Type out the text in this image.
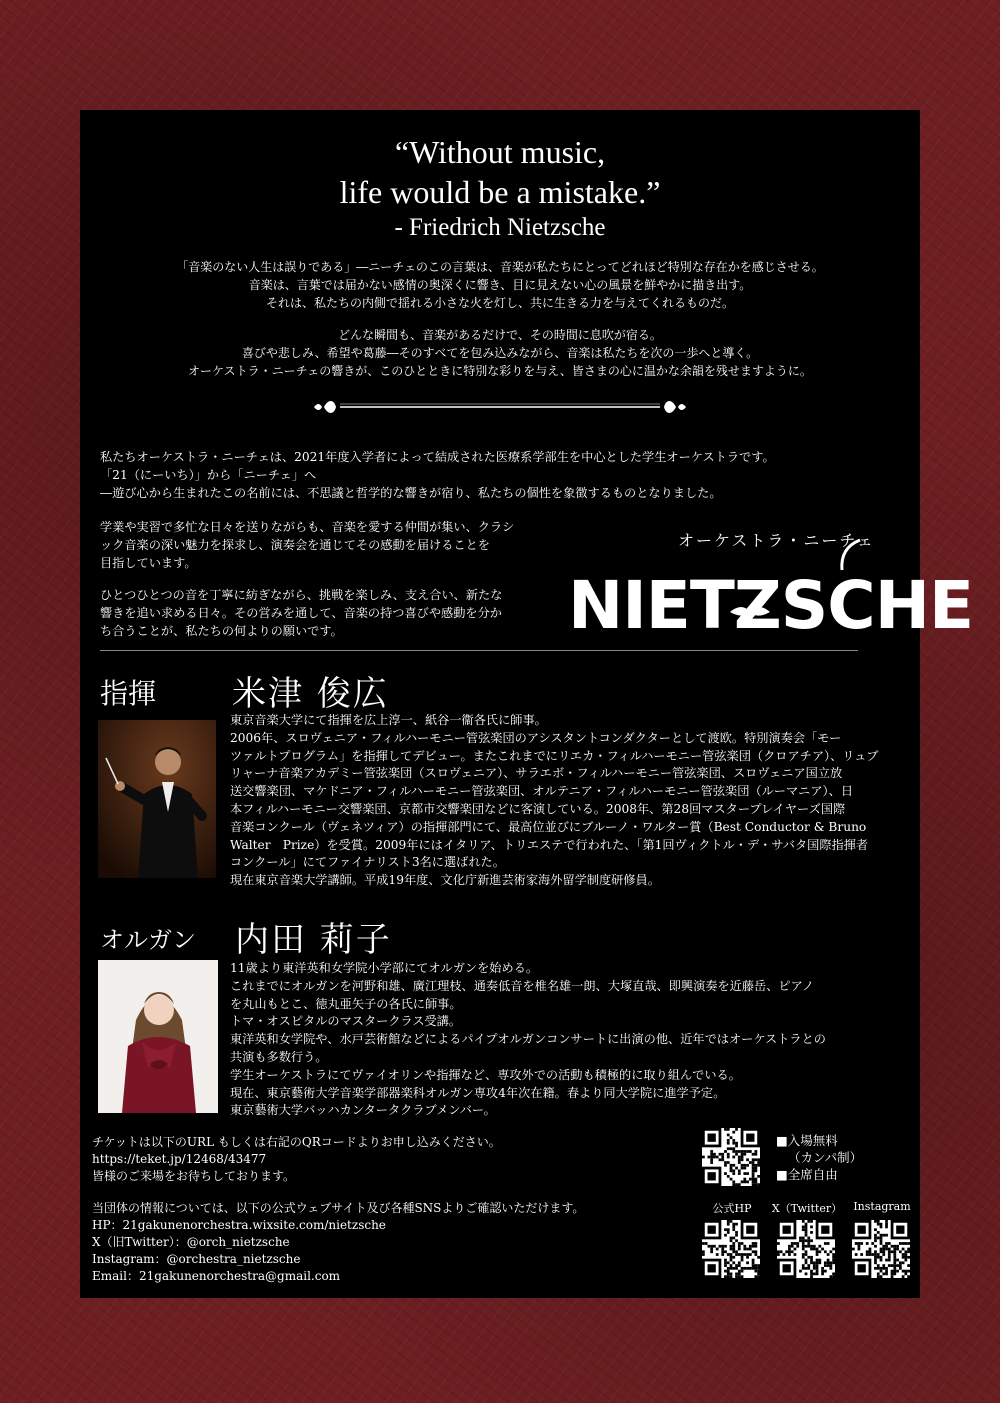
“Without music,
life would be a mistake.”
- Friedrich Nietzsche

「音楽のない人生は誤りである」―ニーチェのこの言葉は、音楽が私たちにとってどれほど特別な存在かを感じさせる。
音楽は、言葉では届かない感情の奥深くに響き、目に見えない心の風景を鮮やかに描き出す。
それは、私たちの内側で揺れる小さな火を灯し、共に生きる力を与えてくれるものだ。

どんな瞬間も、音楽があるだけで、その時間に息吹が宿る。
喜びや悲しみ、希望や葛藤―そのすべてを包み込みながら、音楽は私たちを次の一歩へと導く。
オーケストラ・ニーチェの響きが、このひとときに特別な彩りを与え、皆さまの心に温かな余韻を残せますように。

私たちオーケストラ・ニーチェは、2021年度入学者によって結成された医療系学部生を中心とした学生オーケストラです。
「21（にーいち）」から「ニーチェ」へ
―遊び心から生まれたこの名前には、不思議と哲学的な響きが宿り、私たちの個性を象徴するものとなりました。

学業や実習で多忙な日々を送りながらも、音楽を愛する仲間が集い、クラシ
ック音楽の深い魅力を探求し、演奏会を通じてその感動を届けることを
目指しています。

ひとつひとつの音を丁寧に紡ぎながら、挑戦を楽しみ、支え合い、新たな
響きを追い求める日々。その営みを通して、音楽の持つ喜びや感動を分か
ち合うことが、私たちの何よりの願いです。

オーケストラ・ニーチェ
NIETZSCHE
指揮 米津 俊広
東京音楽大学にて指揮を広上淳一、紙谷一衞各氏に師事。
2006年、スロヴェニア・フィルハーモニー管弦楽団のアシスタントコンダクターとして渡欧。特別演奏会「モー
ツァルトプログラム」を指揮してデビュー。またこれまでにリエカ・フィルハーモニー管弦楽団（クロアチア）、リュブ
リャーナ音楽アカデミー管弦楽団（スロヴェニア）、サラエボ・フィルハーモニー管弦楽団、スロヴェニア国立放
送交響楽団、マケドニア・フィルハーモニー管弦楽団、オルテニア・フィルハーモニー管弦楽団（ルーマニア）、日
本フィルハーモニー交響楽団、京都市交響楽団などに客演している。2008年、第28回マスタープレイヤーズ国際
音楽コンクール（ヴェネツィア）の指揮部門にて、最高位並びにブルーノ・ワルター賞（Best Conductor & Bruno
Walter　Prize）を受賞。2009年にはイタリア、トリエステで行われた、「第1回ヴィクトル・デ・サバタ国際指揮者
コンクール」にてファイナリスト3名に選ばれた。
現在東京音楽大学講師。平成19年度、文化庁新進芸術家海外留学制度研修員。
オルガン 内田 莉子
11歳より東洋英和女学院小学部にてオルガンを始める。
これまでにオルガンを河野和雄、廣江理枝、通奏低音を椎名雄一朗、大塚直哉、即興演奏を近藤岳、ピアノ
を丸山もとこ、徳丸亜矢子の各氏に師事。
トマ・オスピタルのマスタークラス受講。
東洋英和女学院や、水戸芸術館などによるパイプオルガンコンサートに出演の他、近年ではオーケストラとの
共演も多数行う。
学生オーケストラにてヴァイオリンや指揮など、専攻外での活動も積極的に取り組んでいる。
現在、東京藝術大学音楽学部器楽科オルガン専攻4年次在籍。春より同大学院に進学予定。
東京藝術大学バッハカンタータクラブメンバー。
チケットは以下のURL もしくは右記のQRコードよりお申し込みください。
https://teket.jp/12468/43477
皆様のご来場をお待ちしております。
■入場無料
（カンパ制）
■全席自由
当団体の情報については、以下の公式ウェブサイト及び各種SNSよりご確認いただけます。
HP：21gakunenorchestra.wixsite.com/nietzsche
X（旧Twitter）：@orch_nietzsche
Instagram：@orchestra_nietzsche
Email：21gakunenorchestra@gmail.com
公式HP	X（Twitter）	Instagram
